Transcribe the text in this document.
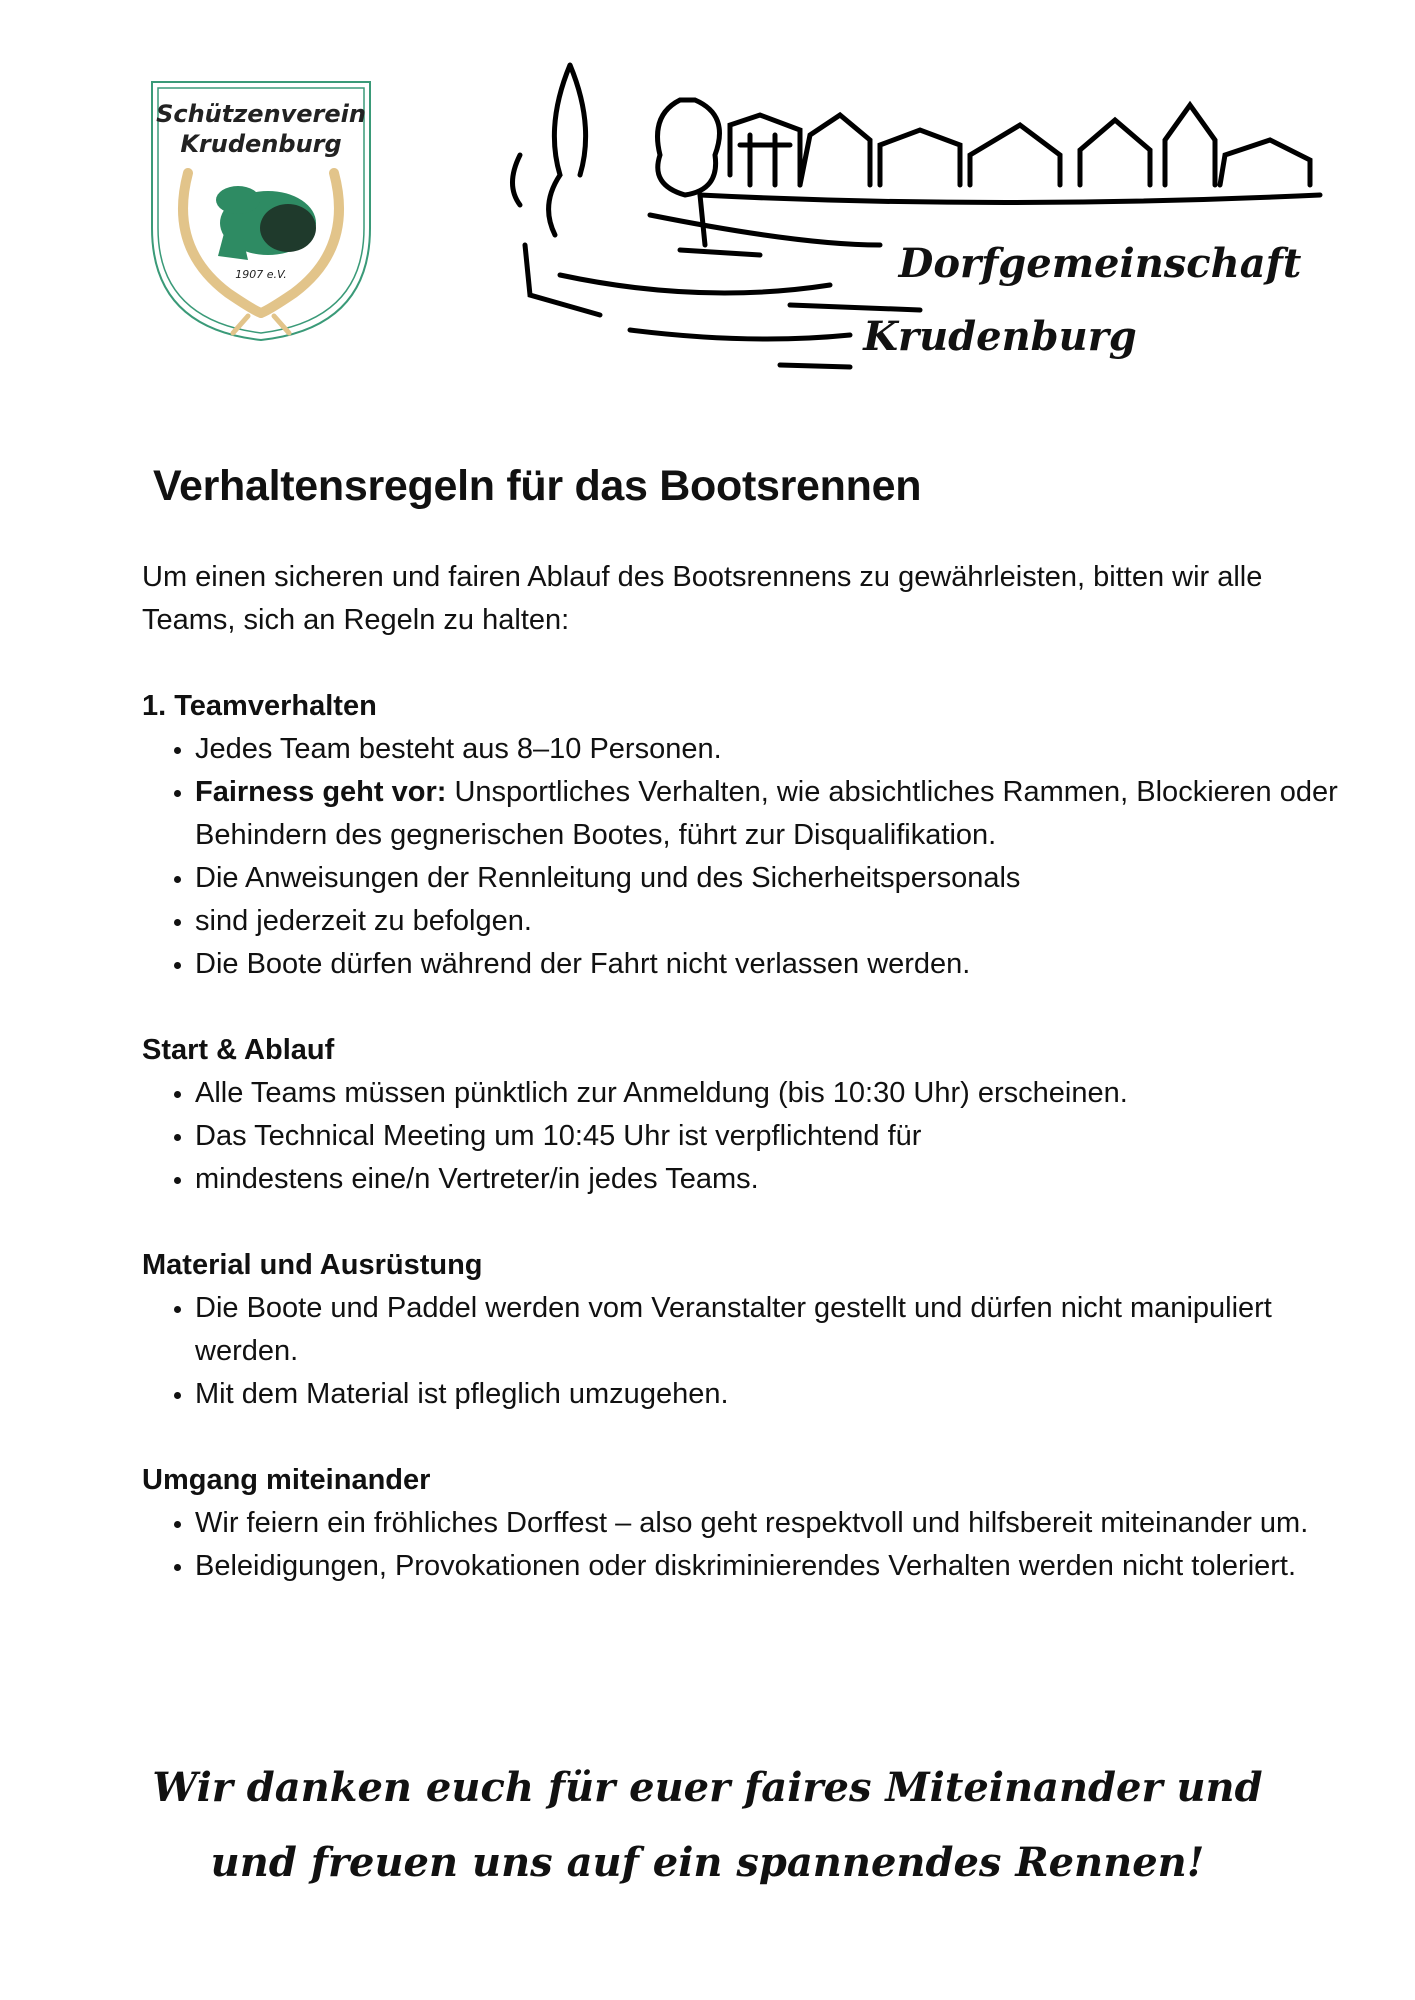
Schützenverein
Krudenburg
1907 e.V.	Dorfgemeinschaft
Krudenburg
Verhaltensregeln für das Bootsrennen

Um einen sicheren und fairen Ablauf des Bootsrennens zu gewährleisten, bitten wir alle Teams, sich an Regeln zu halten:

1. Teamverhalten
• Jedes Team besteht aus 8–10 Personen.
• Fairness geht vor: Unsportliches Verhalten, wie absichtliches Rammen, Blockieren oder Behindern des gegnerischen Bootes, führt zur Disqualifikation.
• Die Anweisungen der Rennleitung und des Sicherheitspersonals
• sind jederzeit zu befolgen.
• Die Boote dürfen während der Fahrt nicht verlassen werden.
Start & Ablauf
• Alle Teams müssen pünktlich zur Anmeldung (bis 10:30 Uhr) erscheinen.
• Das Technical Meeting um 10:45 Uhr ist verpflichtend für
• mindestens eine/n Vertreter/in jedes Teams.
Material und Ausrüstung
• Die Boote und Paddel werden vom Veranstalter gestellt und dürfen nicht manipuliert werden.
• Mit dem Material ist pfleglich umzugehen.
Umgang miteinander
• Wir feiern ein fröhliches Dorffest – also geht respektvoll und hilfsbereit miteinander um.
• Beleidigungen, Provokationen oder diskriminierendes Verhalten werden nicht toleriert.
Wir danken euch für euer faires Miteinander und
und freuen uns auf ein spannendes Rennen!
